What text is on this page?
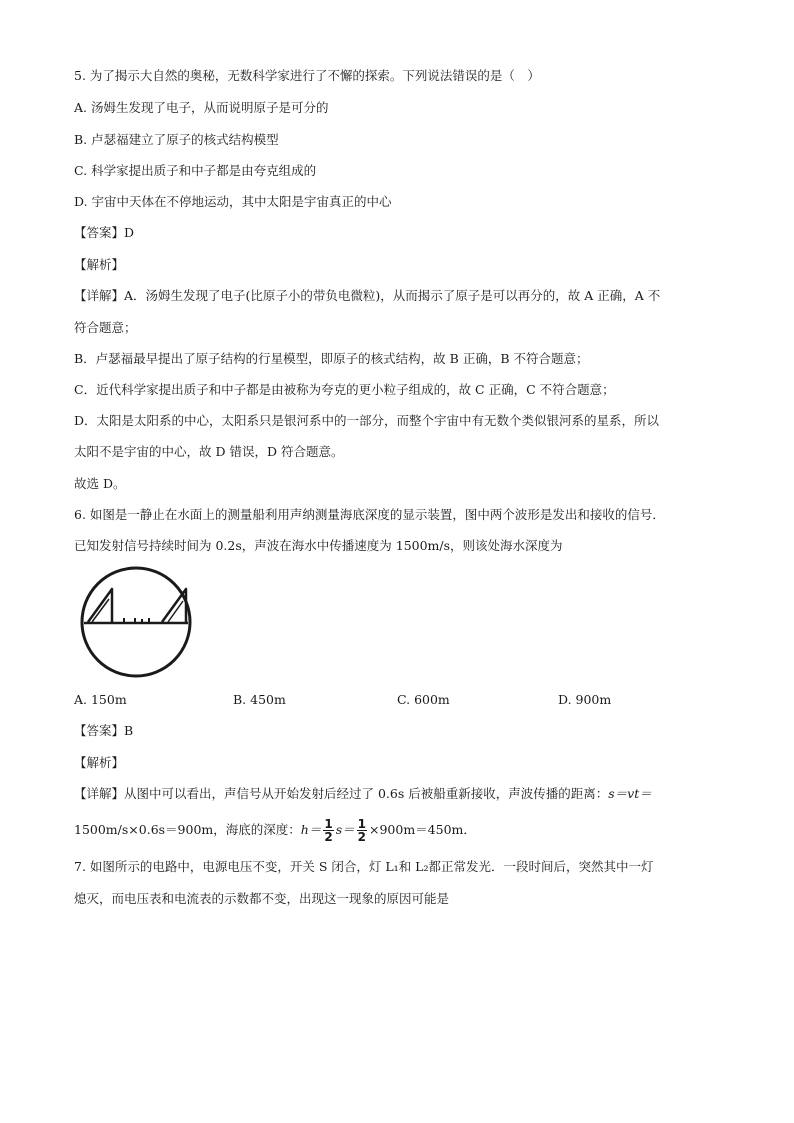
5. 为了揭示大自然的奥秘，无数科学家进行了不懈的探索。下列说法错误的是（　）
A. 汤姆生发现了电子，从而说明原子是可分的
B. 卢瑟福建立了原子的核式结构模型
C. 科学家提出质子和中子都是由夸克组成的
D. 宇宙中天体在不停地运动，其中太阳是宇宙真正的中心
【答案】D
【解析】
【详解】A．汤姆生发现了电子(比原子小的带负电微粒)，从而揭示了原子是可以再分的，故 A 正确，A 不
符合题意；
B．卢瑟福最早提出了原子结构的行星模型，即原子的核式结构，故 B 正确，B 不符合题意；
C．近代科学家提出质子和中子都是由被称为夸克的更小粒子组成的，故 C 正确，C 不符合题意；
D．太阳是太阳系的中心，太阳系只是银河系中的一部分，而整个宇宙中有无数个类似银河系的星系，所以
太阳不是宇宙的中心，故 D 错误，D 符合题意。
故选 D。
6. 如图是一静止在水面上的测量船利用声纳测量海底深度的显示装置，图中两个波形是发出和接收的信号．
已知发射信号持续时间为 0.2s，声波在海水中传播速度为 1500m/s，则该处海水深度为
A. 150m	B. 450m	C. 600m	D. 900m
【答案】B
【解析】
【详解】从图中可以看出，声信号从开始发射后经过了 0.6s 后被船重新接收，声波传播的距离：s＝vt＝
1500m/s×0.6s＝900m，海底的深度：$h= \frac{1}{2} s= \frac{1}{2} \times 900m=450m$．
7. 如图所示的电路中，电源电压不变，开关 S 闭合，灯 L₁和 L₂都正常发光．一段时间后，突然其中一灯
熄灭，而电压表和电流表的示数都不变，出现这一现象的原因可能是
